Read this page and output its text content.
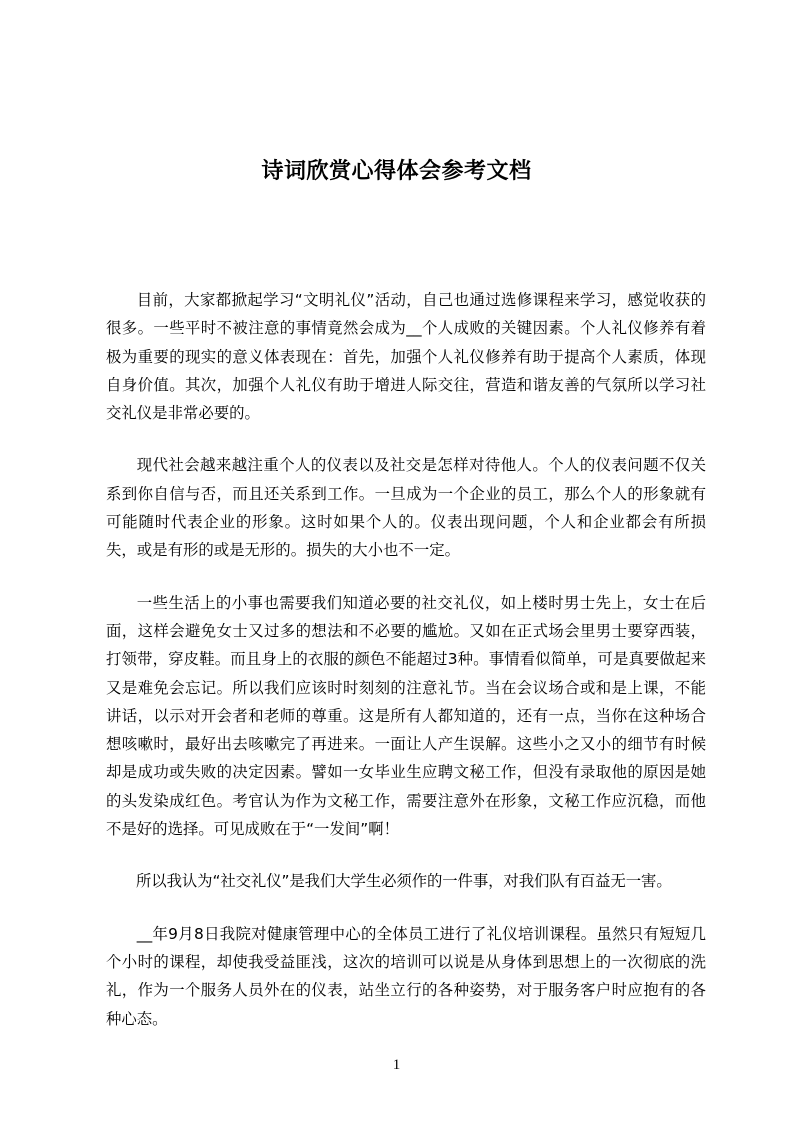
诗词欣赏心得体会参考文档

目前，大家都掀起学习“文明礼仪”活动，自己也通过选修课程来学习，感觉收获的很多。一些平时不被注意的事情竟然会成为__个人成败的关键因素。个人礼仪修养有着极为重要的现实的意义体表现在：首先，加强个人礼仪修养有助于提高个人素质，体现自身价值。其次，加强个人礼仪有助于增进人际交往，营造和谐友善的气氛所以学习社交礼仪是非常必要的。

现代社会越来越注重个人的仪表以及社交是怎样对待他人。个人的仪表问题不仅关系到你自信与否，而且还关系到工作。一旦成为一个企业的员工，那么个人的形象就有可能随时代表企业的形象。这时如果个人的。仪表出现问题，个人和企业都会有所损失，或是有形的或是无形的。损失的大小也不一定。

一些生活上的小事也需要我们知道必要的社交礼仪，如上楼时男士先上，女士在后面，这样会避免女士又过多的想法和不必要的尴尬。又如在正式场会里男士要穿西装，打领带，穿皮鞋。而且身上的衣服的颜色不能超过3种。事情看似简单，可是真要做起来又是难免会忘记。所以我们应该时时刻刻的注意礼节。当在会议场合或和是上课，不能讲话，以示对开会者和老师的尊重。这是所有人都知道的，还有一点，当你在这种场合想咳嗽时，最好出去咳嗽完了再进来。一面让人产生误解。这些小之又小的细节有时候却是成功或失败的决定因素。譬如一女毕业生应聘文秘工作，但没有录取他的原因是她的头发染成红色。考官认为作为文秘工作，需要注意外在形象，文秘工作应沉稳，而他不是好的选择。可见成败在于“一发间”啊！

所以我认为“社交礼仪”是我们大学生必须作的一件事，对我们队有百益无一害。

__年9月8日我院对健康管理中心的全体员工进行了礼仪培训课程。虽然只有短短几个小时的课程，却使我受益匪浅，这次的培训可以说是从身体到思想上的一次彻底的洗礼，作为一个服务人员外在的仪表，站坐立行的各种姿势，对于服务客户时应抱有的各种心态。

1
